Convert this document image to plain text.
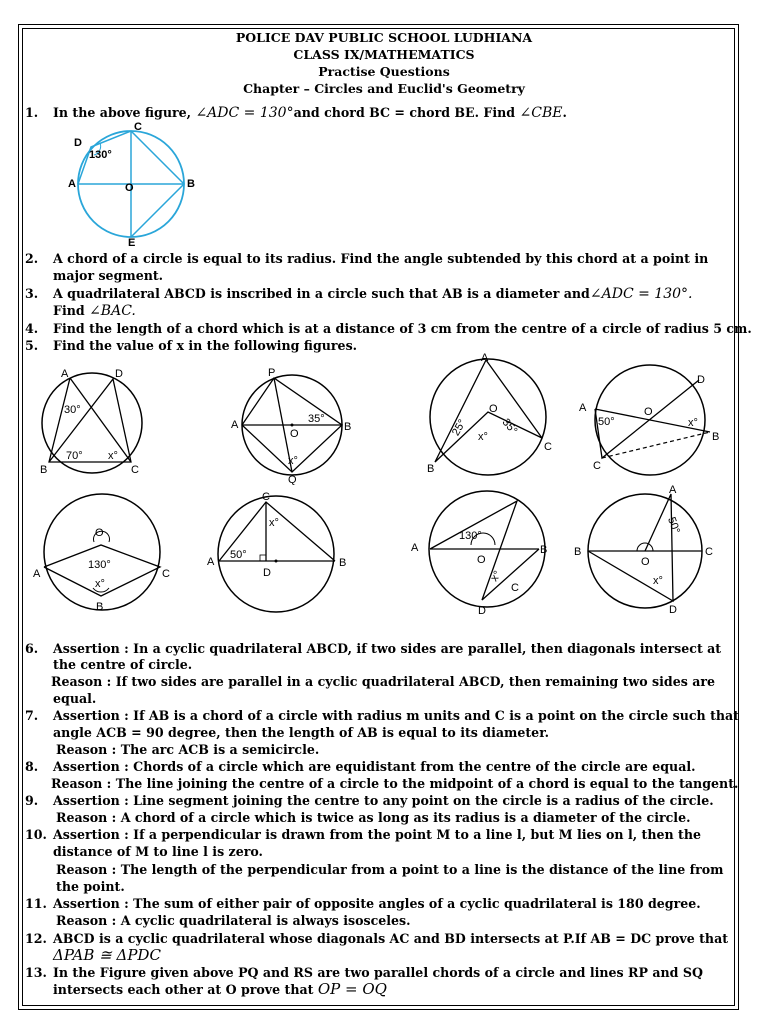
POLICE DAV PUBLIC SCHOOL LUDHIANA
CLASS IX/MATHEMATICS
Practise Questions
Chapter – Circles and Euclid's Geometry
1. In the above figure, ∠ADC = 130°and chord BC = chord BE. Find ∠CBE.
D
C
A	O	B
E
130°
2. A chord of a circle is equal to its radius. Find the angle subtended by this chord at a point in
major segment.
3. A quadrilateral ABCD is inscribed in a circle such that AB is a diameter and∠ADC = 130°.
Find ∠BAC.
4. Find the length of a chord which is at a distance of 3 cm from the centre of a circle of radius 5 cm.
5. Find the value of x in the following figures.
A	D
B	C
30°
70° x°
P
A	B
O
Q
35°
x°
A
B
C
O
25°	35°
x°
D
A	O
50°	x°
B
C
O
130°
A	C
x°
B
C
x°
50°
A
D
B
130°
A	B
O
x°
C
D
A
50°
B	C
O
x°
D
6. Assertion : In a cyclic quadrilateral ABCD, if two sides are parallel, then diagonals intersect at
the centre of circle.
Reason : If two sides are parallel in a cyclic quadrilateral ABCD, then remaining two sides are
equal.
7. Assertion : If AB is a chord of a circle with radius m units and C is a point on the circle such that
angle ACB = 90 degree, then the length of AB is equal to its diameter.
Reason : The arc ACB is a semicircle.
8. Assertion : Chords of a circle which are equidistant from the centre of the circle are equal.
Reason : The line joining the centre of a circle to the midpoint of a chord is equal to the tangent.
9. Assertion : Line segment joining the centre to any point on the circle is a radius of the circle.
Reason : A chord of a circle which is twice as long as its radius is a diameter of the circle.
10. Assertion : If a perpendicular is drawn from the point M to a line l, but M lies on l, then the
distance of M to line l is zero.
Reason : The length of the perpendicular from a point to a line is the distance of the line from
the point.
11. Assertion : The sum of either pair of opposite angles of a cyclic quadrilateral is 180 degree.
Reason : A cyclic quadrilateral is always isosceles.
12. ABCD is a cyclic quadrilateral whose diagonals AC and BD intersects at P.If AB = DC prove that
ΔPAB ≅ ΔPDC
13. In the Figure given above PQ and RS are two parallel chords of a circle and lines RP and SQ
intersects each other at O prove that OP = OQ
